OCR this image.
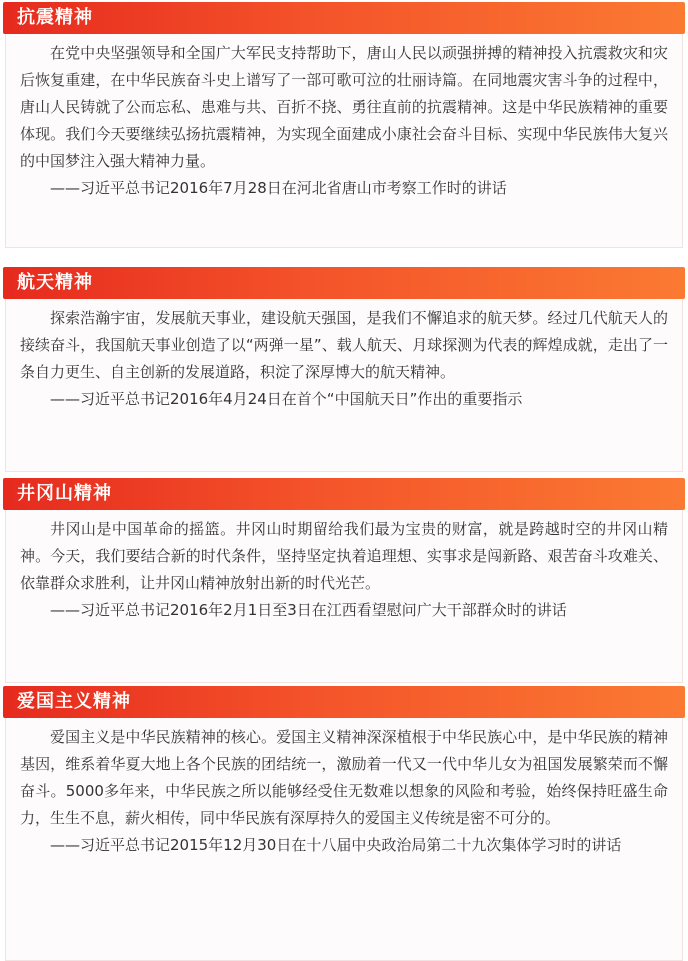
抗震精神

在党中央坚强领导和全国广大军民支持帮助下，唐山人民以顽强拼搏的精神投入抗震救灾和灾后恢复重建，在中华民族奋斗史上谱写了一部可歌可泣的壮丽诗篇。在同地震灾害斗争的过程中，唐山人民铸就了公而忘私、患难与共、百折不挠、勇往直前的抗震精神。这是中华民族精神的重要体现。我们今天要继续弘扬抗震精神，为实现全面建成小康社会奋斗目标、实现中华民族伟大复兴的中国梦注入强大精神力量。

——习近平总书记2016年7月28日在河北省唐山市考察工作时的讲话

航天精神

探索浩瀚宇宙，发展航天事业，建设航天强国，是我们不懈追求的航天梦。经过几代航天人的接续奋斗，我国航天事业创造了以“两弹一星”、载人航天、月球探测为代表的辉煌成就，走出了一条自力更生、自主创新的发展道路，积淀了深厚博大的航天精神。

——习近平总书记2016年4月24日在首个“中国航天日”作出的重要指示

井冈山精神

井冈山是中国革命的摇篮。井冈山时期留给我们最为宝贵的财富，就是跨越时空的井冈山精神。今天，我们要结合新的时代条件，坚持坚定执着追理想、实事求是闯新路、艰苦奋斗攻难关、依靠群众求胜利，让井冈山精神放射出新的时代光芒。

——习近平总书记2016年2月1日至3日在江西看望慰问广大干部群众时的讲话

爱国主义精神

爱国主义是中华民族精神的核心。爱国主义精神深深植根于中华民族心中，是中华民族的精神基因，维系着华夏大地上各个民族的团结统一，激励着一代又一代中华儿女为祖国发展繁荣而不懈奋斗。5000多年来，中华民族之所以能够经受住无数难以想象的风险和考验，始终保持旺盛生命力，生生不息，薪火相传，同中华民族有深厚持久的爱国主义传统是密不可分的。

——习近平总书记2015年12月30日在十八届中央政治局第二十九次集体学习时的讲话
